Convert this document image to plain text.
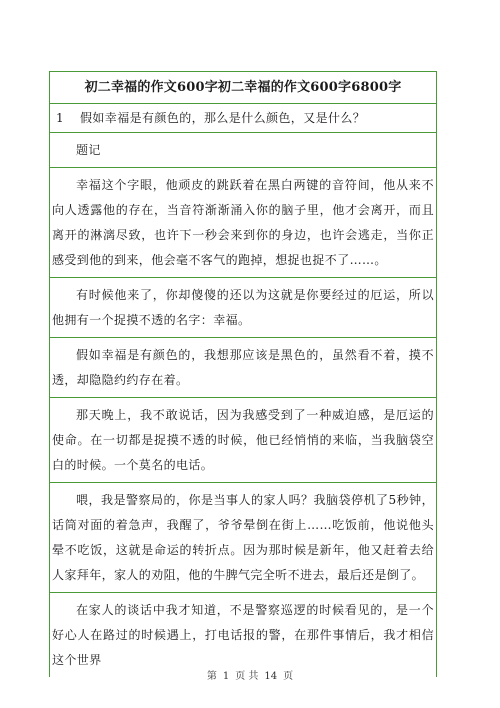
初二幸福的作文600字初二幸福的作文600字6800字
1	假如幸福是有颜色的，那么是什么颜色，又是什么？
题记
幸福这个字眼，他顽皮的跳跃着在黑白两键的音符间，他从来不向人透露他的存在，当音符渐渐涌入你的脑子里，他才会离开，而且离开的淋漓尽致，也许下一秒会来到你的身边，也许会逃走，当你正感受到他的到来，他会毫不客气的跑掉，想捉也捉不了……。
有时候他来了，你却傻傻的还以为这就是你要经过的厄运，所以他拥有一个捉摸不透的名字：幸福。
假如幸福是有颜色的，我想那应该是黑色的，虽然看不着，摸不透，却隐隐约约存在着。
那天晚上，我不敢说话，因为我感受到了一种威迫感，是厄运的使命。在一切都是捉摸不透的时候，他已经悄悄的来临，当我脑袋空白的时候。一个莫名的电话。
喂，我是警察局的，你是当事人的家人吗？我脑袋停机了5秒钟，话筒对面的着急声，我醒了，爷爷晕倒在街上……吃饭前，他说他头晕不吃饭，这就是命运的转折点。因为那时候是新年，他又赶着去给人家拜年，家人的劝阻，他的牛脾气完全听不进去，最后还是倒了。
在家人的谈话中我才知道，不是警察巡逻的时候看见的，是一个好心人在路过的时候遇上，打电话报的警，在那件事情后，我才相信这个世界
第 1 页 共 14 页
